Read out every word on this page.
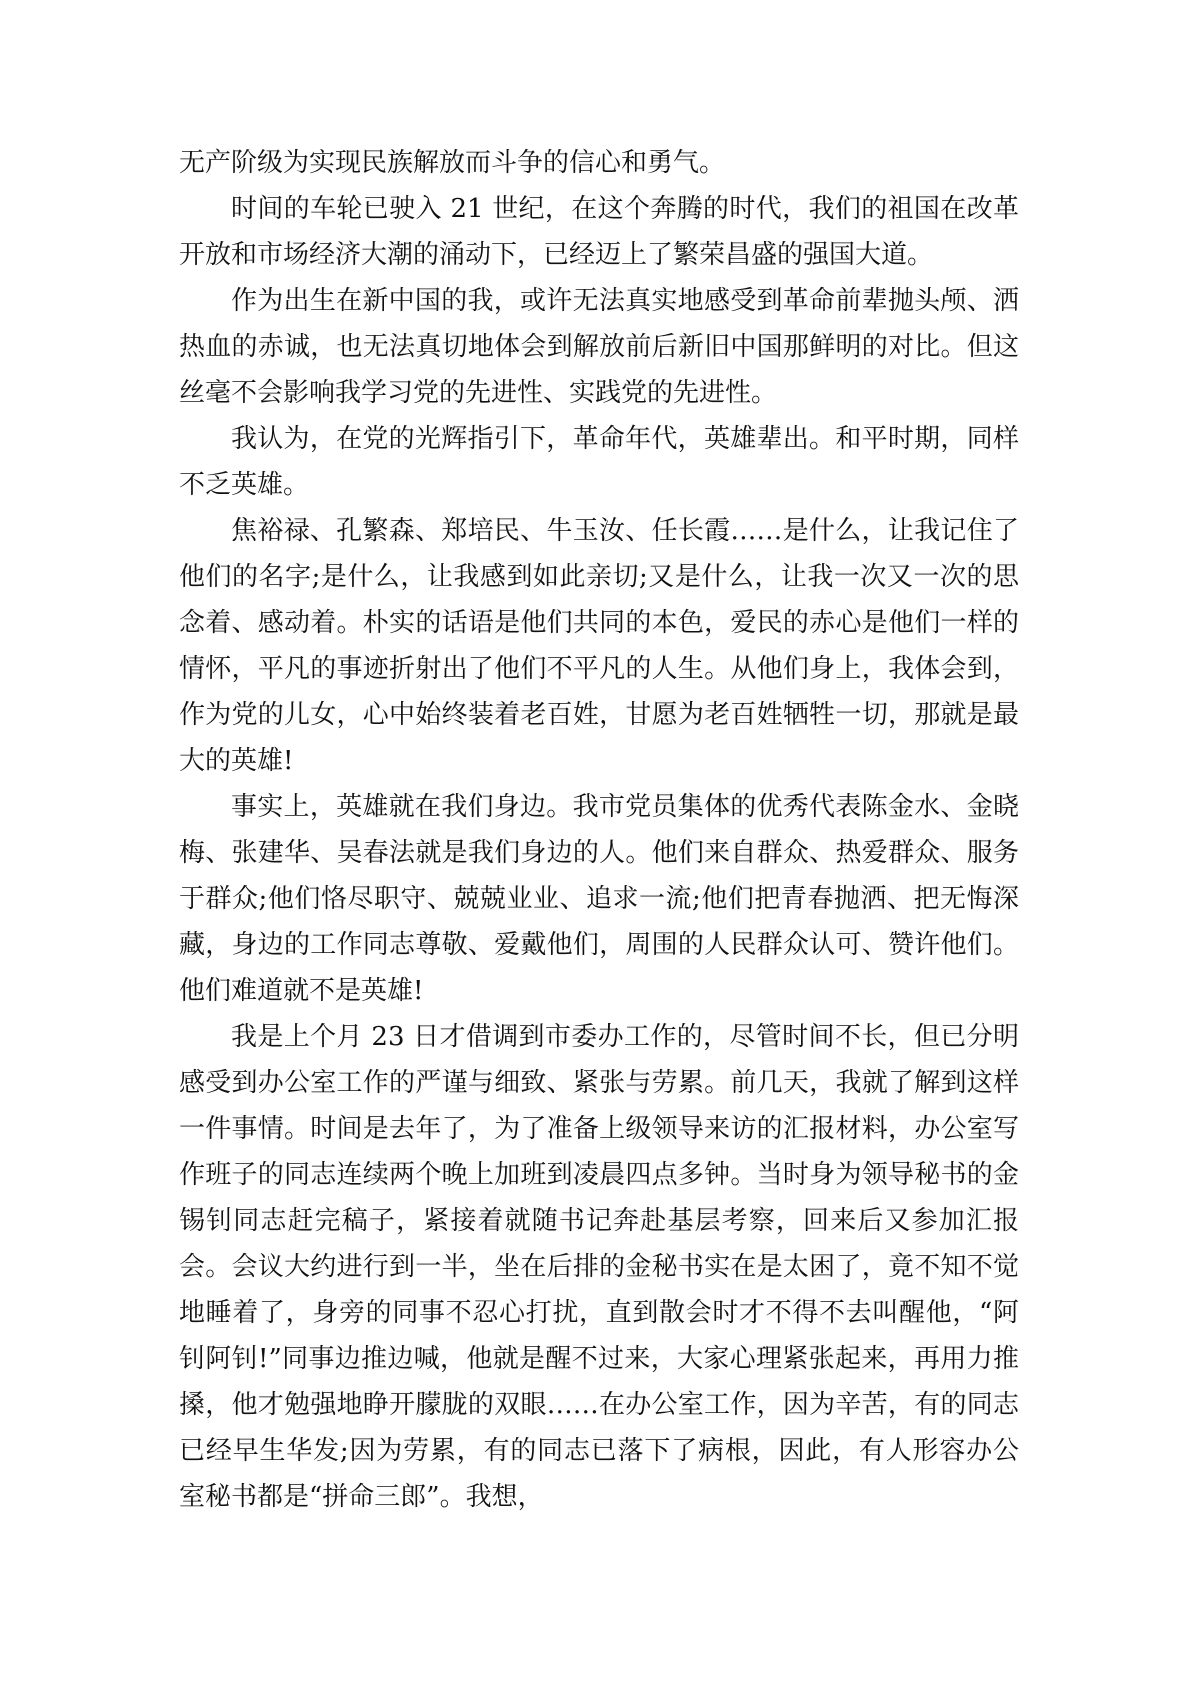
无产阶级为实现民族解放而斗争的信心和勇气。

时间的车轮已驶入 21 世纪，在这个奔腾的时代，我们的祖国在改革开放和市场经济大潮的涌动下，已经迈上了繁荣昌盛的强国大道。

作为出生在新中国的我，或许无法真实地感受到革命前辈抛头颅、洒热血的赤诚，也无法真切地体会到解放前后新旧中国那鲜明的对比。但这丝毫不会影响我学习党的先进性、实践党的先进性。

我认为，在党的光辉指引下，革命年代，英雄辈出。和平时期，同样不乏英雄。

焦裕禄、孔繁森、郑培民、牛玉汝、任长霞……是什么，让我记住了他们的名字;是什么，让我感到如此亲切;又是什么，让我一次又一次的思念着、感动着。朴实的话语是他们共同的本色，爱民的赤心是他们一样的情怀，平凡的事迹折射出了他们不平凡的人生。从他们身上，我体会到，作为党的儿女，心中始终装着老百姓，甘愿为老百姓牺牲一切，那就是最大的英雄!

事实上，英雄就在我们身边。我市党员集体的优秀代表陈金水、金晓梅、张建华、吴春法就是我们身边的人。他们来自群众、热爱群众、服务于群众;他们恪尽职守、兢兢业业、追求一流;他们把青春抛洒、把无悔深藏，身边的工作同志尊敬、爱戴他们，周围的人民群众认可、赞许他们。他们难道就不是英雄!

我是上个月 23 日才借调到市委办工作的，尽管时间不长，但已分明感受到办公室工作的严谨与细致、紧张与劳累。前几天，我就了解到这样一件事情。时间是去年了，为了准备上级领导来访的汇报材料，办公室写作班子的同志连续两个晚上加班到凌晨四点多钟。当时身为领导秘书的金锡钊同志赶完稿子，紧接着就随书记奔赴基层考察，回来后又参加汇报会。会议大约进行到一半，坐在后排的金秘书实在是太困了，竟不知不觉地睡着了，身旁的同事不忍心打扰，直到散会时才不得不去叫醒他，“阿钊阿钊!”同事边推边喊，他就是醒不过来，大家心理紧张起来，再用力推搡，他才勉强地睁开朦胧的双眼……在办公室工作，因为辛苦，有的同志已经早生华发;因为劳累，有的同志已落下了病根，因此，有人形容办公室秘书都是“拼命三郎”。我想，
